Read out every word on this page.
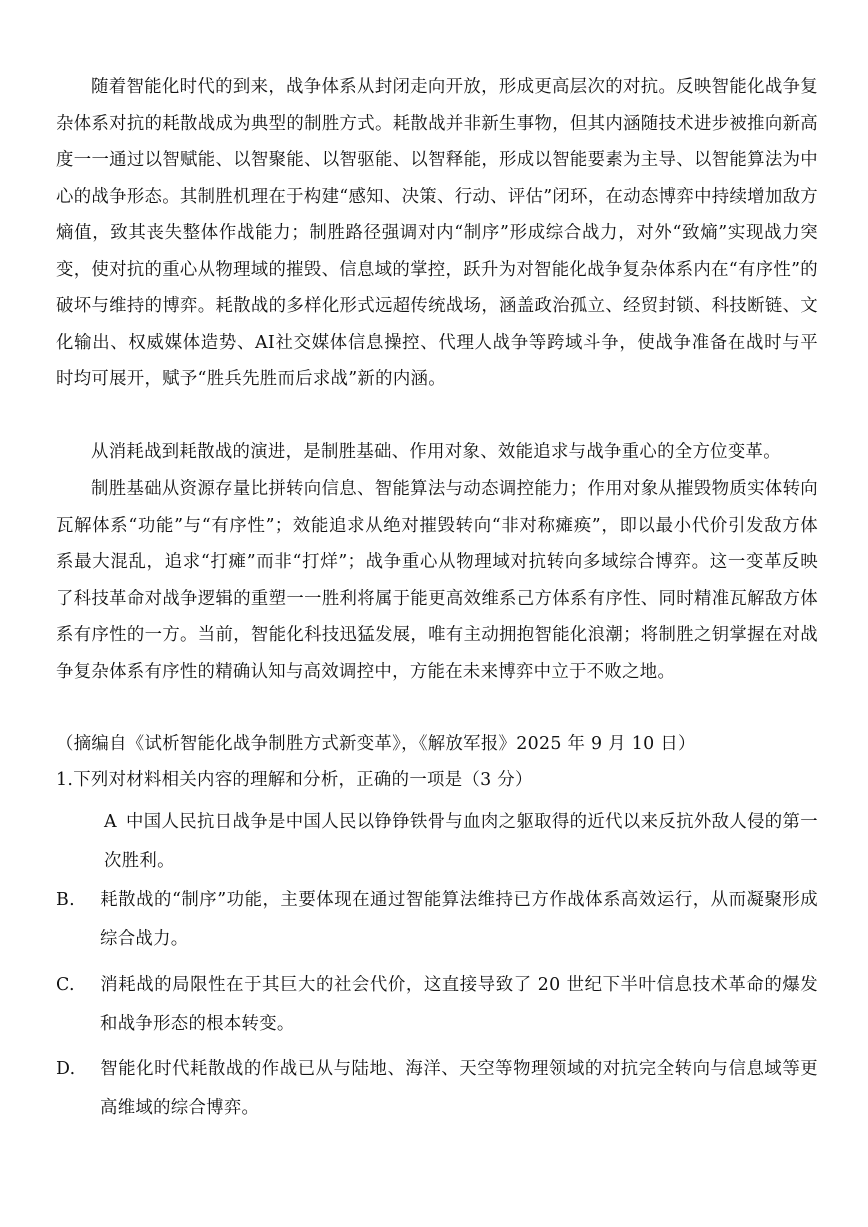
随着智能化时代的到来，战争体系从封闭走向开放，形成更高层次的对抗。反映智能化战争复杂体系对抗的耗散战成为典型的制胜方式。耗散战并非新生事物，但其内涵随技术进步被推向新高度一一通过以智赋能、以智聚能、以智驱能、以智释能，形成以智能要素为主导、以智能算法为中心的战争形态。其制胜机理在于构建“感知、决策、行动、评估”闭环，在动态博弈中持续增加敌方熵值，致其丧失整体作战能力；制胜路径强调对内“制序”形成综合战力，对外“致熵”实现战力突变，使对抗的重心从物理域的摧毁、信息域的掌控，跃升为对智能化战争复杂体系内在“有序性”的破坏与维持的博弈。耗散战的多样化形式远超传统战场，涵盖政治孤立、经贸封锁、科技断链、文化输出、权威媒体造势、AI社交媒体信息操控、代理人战争等跨域斗争，使战争准备在战时与平时均可展开，赋予“胜兵先胜而后求战”新的内涵。

从消耗战到耗散战的演进，是制胜基础、作用对象、效能追求与战争重心的全方位变革。

制胜基础从资源存量比拼转向信息、智能算法与动态调控能力；作用对象从摧毁物质实体转向瓦解体系“功能”与“有序性”；效能追求从绝对摧毁转向“非对称瘫痪”，即以最小代价引发敌方体系最大混乱，追求“打瘫”而非“打烊”；战争重心从物理域对抗转向多域综合博弈。这一变革反映了科技革命对战争逻辑的重塑一一胜利将属于能更高效维系己方体系有序性、同时精准瓦解敌方体系有序性的一方。当前，智能化科技迅猛发展，唯有主动拥抱智能化浪潮；将制胜之钥掌握在对战争复杂体系有序性的精确认知与高效调控中，方能在未来博弈中立于不败之地。

（摘编自《试析智能化战争制胜方式新变革》，《解放军报》2025 年 9 月 10 日）

1.下列对材料相关内容的理解和分析，正确的一项是（3 分）

A 中国人民抗日战争是中国人民以铮铮铁骨与血肉之躯取得的近代以来反抗外敌人侵的第一次胜利。

B. 耗散战的“制序”功能，主要体现在通过智能算法维持已方作战体系高效运行，从而凝聚形成综合战力。

C. 消耗战的局限性在于其巨大的社会代价，这直接导致了 20 世纪下半叶信息技术革命的爆发和战争形态的根本转变。

D. 智能化时代耗散战的作战已从与陆地、海洋、天空等物理领域的对抗完全转向与信息域等更高维域的综合博弈。
